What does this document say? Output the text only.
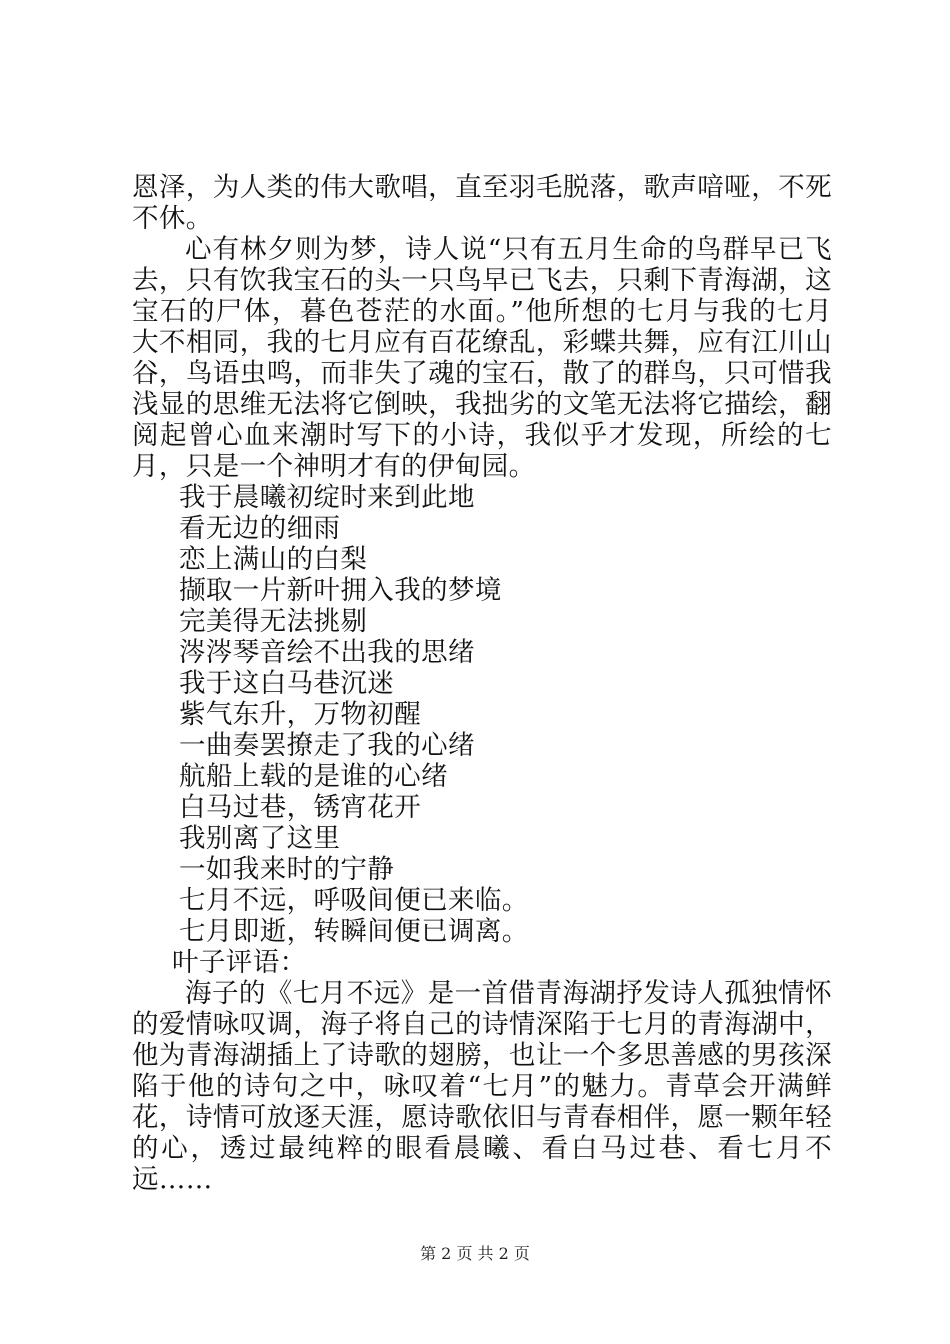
恩泽，为人类的伟大歌唱，直至羽毛脱落，歌声喑哑，不死不休。

心有林夕则为梦，诗人说“只有五月生命的鸟群早已飞去，只有饮我宝石的头一只鸟早已飞去，只剩下青海湖，这宝石的尸体，暮色苍茫的水面。”他所想的七月与我的七月大不相同，我的七月应有百花缭乱，彩蝶共舞，应有江川山谷，鸟语虫鸣，而非失了魂的宝石，散了的群鸟，只可惜我浅显的思维无法将它倒映，我拙劣的文笔无法将它描绘，翻阅起曾心血来潮时写下的小诗，我似乎才发现，所绘的七月，只是一个神明才有的伊甸园。

我于晨曦初绽时来到此地
看无边的细雨
恋上满山的白梨
撷取一片新叶拥入我的梦境
完美得无法挑剔
涔涔琴音绘不出我的思绪
我于这白马巷沉迷
紫气东升，万物初醒
一曲奏罢撩走了我的心绪
航船上载的是谁的心绪
白马过巷，锈宵花开
我别离了这里
一如我来时的宁静
七月不远，呼吸间便已来临。
七月即逝，转瞬间便已调离。
叶子评语：

海子的《七月不远》是一首借青海湖抒发诗人孤独情怀的爱情咏叹调，海子将自己的诗情深陷于七月的青海湖中，他为青海湖插上了诗歌的翅膀，也让一个多思善感的男孩深陷于他的诗句之中，咏叹着“七月”的魅力。青草会开满鲜花，诗情可放逐天涯，愿诗歌依旧与青春相伴，愿一颗年轻的心，透过最纯粹的眼看晨曦、看白马过巷、看七月不远……

第 2 页 共 2 页
